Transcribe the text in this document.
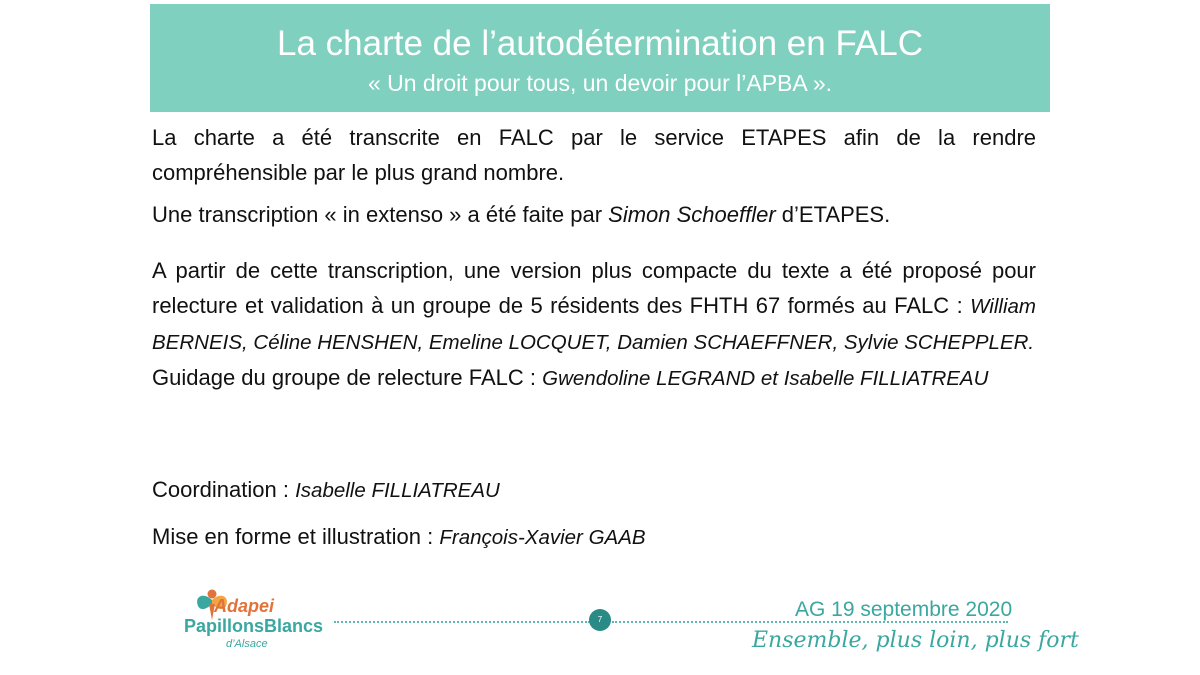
La charte de l’autodétermination en FALC
« Un droit pour tous, un devoir pour l’APBA ».

La charte a été transcrite en FALC par le service ETAPES afin de la rendre compréhensible par le plus grand nombre.

Une transcription « in extenso » a été faite par Simon Schoeffler d’ETAPES.

A partir de cette transcription, une version plus compacte du texte a été proposé pour relecture et validation à un groupe de 5 résidents des FHTH 67 formés au FALC : William BERNEIS, Céline HENSHEN, Emeline LOCQUET, Damien SCHAEFFNER, Sylvie SCHEPPLER.

Guidage du groupe de relecture FALC : Gwendoline LEGRAND et Isabelle FILLIATREAU

Coordination : Isabelle FILLIATREAU

Mise en forme et illustration : François-Xavier GAAB

Adapei
PapillonsBlancs
d’Alsace
7	AG 19 septembre 2020
Ensemble, plus loin, plus fort
